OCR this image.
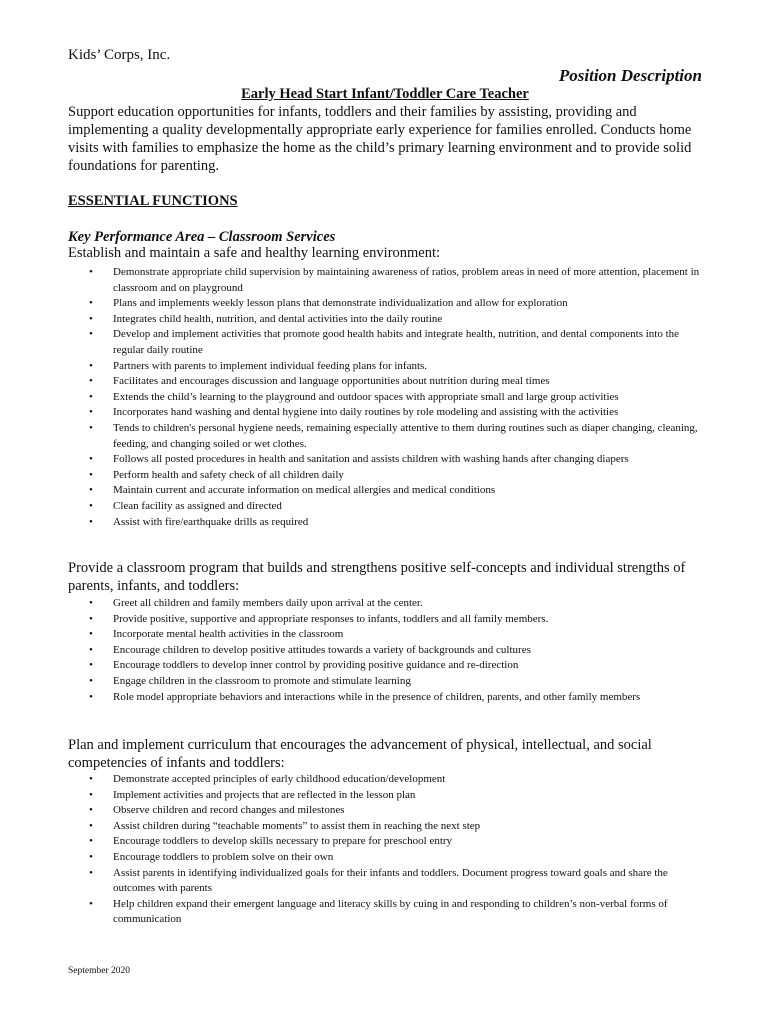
Kids’ Corps, Inc.
Position Description
Early Head Start Infant/Toddler Care Teacher
Support education opportunities for infants, toddlers and their families by assisting, providing and implementing a quality developmentally appropriate early experience for families enrolled. Conducts home visits with families to emphasize the home as the child’s primary learning environment and to provide solid foundations for parenting.
ESSENTIAL FUNCTIONS
Key Performance Area – Classroom Services
Establish and maintain a safe and healthy learning environment:
• Demonstrate appropriate child supervision by maintaining awareness of ratios, problem areas in need of more attention, placement in classroom and on playground
• Plans and implements weekly lesson plans that demonstrate individualization and allow for exploration
• Integrates child health, nutrition, and dental activities into the daily routine
• Develop and implement activities that promote good health habits and integrate health, nutrition, and dental components into the regular daily routine
• Partners with parents to implement individual feeding plans for infants.
• Facilitates and encourages discussion and language opportunities about nutrition during meal times
• Extends the child’s learning to the playground and outdoor spaces with appropriate small and large group activities
• Incorporates hand washing and dental hygiene into daily routines by role modeling and assisting with the activities
• Tends to children's personal hygiene needs, remaining especially attentive to them during routines such as diaper changing, cleaning, feeding, and changing soiled or wet clothes.
• Follows all posted procedures in health and sanitation and assists children with washing hands after changing diapers
• Perform health and safety check of all children daily
• Maintain current and accurate information on medical allergies and medical conditions
• Clean facility as assigned and directed
• Assist with fire/earthquake drills as required
Provide a classroom program that builds and strengthens positive self-concepts and individual strengths of parents, infants, and toddlers:
• Greet all children and family members daily upon arrival at the center.
• Provide positive, supportive and appropriate responses to infants, toddlers and all family members.
• Incorporate mental health activities in the classroom
• Encourage children to develop positive attitudes towards a variety of backgrounds and cultures
• Encourage toddlers to develop inner control by providing positive guidance and re-direction
• Engage children in the classroom to promote and stimulate learning
• Role model appropriate behaviors and interactions while in the presence of children, parents, and other family members
Plan and implement curriculum that encourages the advancement of physical, intellectual, and social competencies of infants and toddlers:
• Demonstrate accepted principles of early childhood education/development
• Implement activities and projects that are reflected in the lesson plan
• Observe children and record changes and milestones
• Assist children during “teachable moments” to assist them in reaching the next step
• Encourage toddlers to develop skills necessary to prepare for preschool entry
• Encourage toddlers to problem solve on their own
• Assist parents in identifying individualized goals for their infants and toddlers. Document progress toward goals and share the outcomes with parents
• Help children expand their emergent language and literacy skills by cuing in and responding to children’s non-verbal forms of communication
September 2020
